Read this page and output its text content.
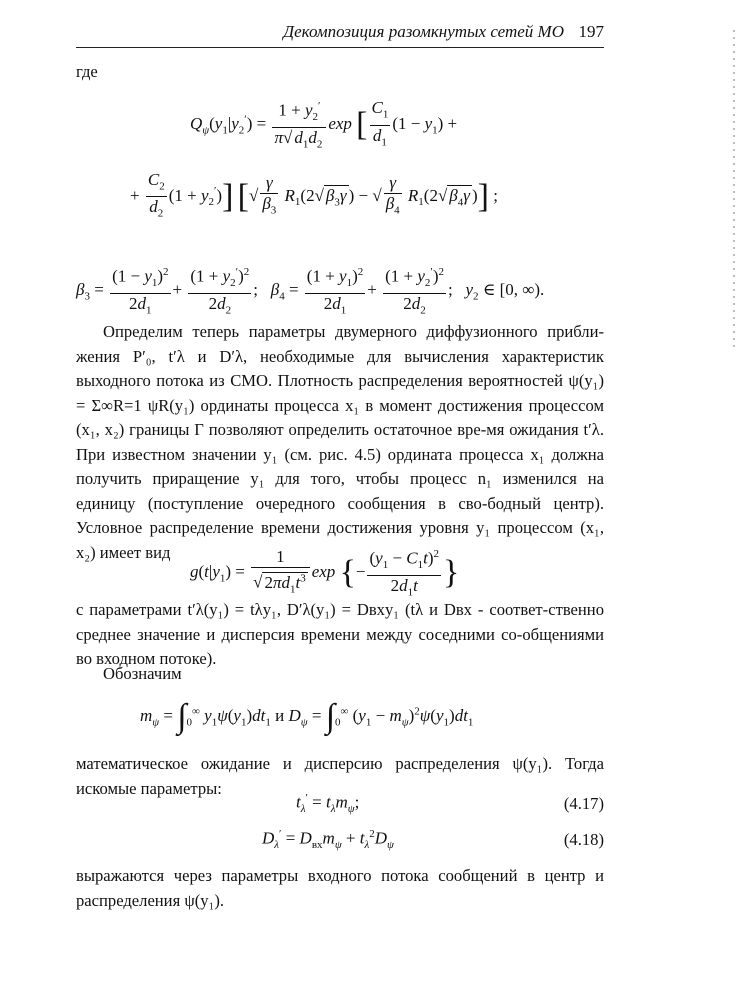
Декомпозиция разомкнутых сетей МО 197
где
$Q_\psi(y_1|y_2') = \frac{1 + y_2'}{\pi√ d_1d_2}$ exp [ $\frac{C_1}{d_1} (1 - y_1)$ +
+ $\frac{C_2}{d_2} (1 + y_2')$] [√ $\frac{\gamma}{\beta_3} R_1(2√$ $\beta_3\gamma$ ) − √ $\frac{\gamma}{\beta_4} R_1(2√$ $\beta_4\gamma$ )] ;
$\beta_3 = \frac{(1 - y_1)^2}{2d_1} + \frac{(1 + y_2')^2}{2d_2}$ ;   $\beta_4 = \frac{(1 + y_1)^2}{2d_1} + \frac{(1 + y_2')^2}{2d_2}$ ;   $y_2$ ∈ [0, ∞).
Определим теперь параметры двумерного диффузионного прибли-жения P′₀, t′λ и D′λ, необходимые для вычисления характеристик выходного потока из СМО. Плотность распределения вероятностей ψ(y₁) = Σ∞R=1 ψR(y₁) ординаты процесса x₁ в момент достижения процессом (x₁, x₂) границы Γ позволяют определить остаточное вре-мя ожидания t′λ. При известном значении y₁ (см. рис. 4.5) ордината процесса x₁ должна получить приращение y₁ для того, чтобы процесс n₁ изменился на единицу (поступление очередного сообщения в сво-бодный центр). Условное распределение времени достижения уровня y₁ процессом (x₁, x₂) имеет вид
$g(t|y_1) = \frac{1}{√ 2\pi d_1t^3}$ exp {− $\frac{(y_1 - C_1t)^2}{2d_1t}$ }
с параметрами t′λ(y₁) = tλy₁, D′λ(y₁) = Dвхy₁ (tλ и Dвх - соответ-ственно среднее значение и дисперсия времени между соседними со-общениями во входном потоке).
Обозначим
$m_\psi = \int_0^\infty$ $y_1\psi(y_1)dt_1$ и $D_\psi = \int_0^\infty$ $(y_1 - m_\psi)^2\psi(y_1)dt_1$
математическое ожидание и дисперсию распределения ψ(y₁). Тогда искомые параметры:
$t_\lambda' = t_\lambda m_\psi$;	(4.17)
$D_\lambda' = D_{вх}m_\psi + t_\lambda^2D_\psi$	(4.18)
выражаются через параметры входного потока сообщений в центр и распределения ψ(y₁).
